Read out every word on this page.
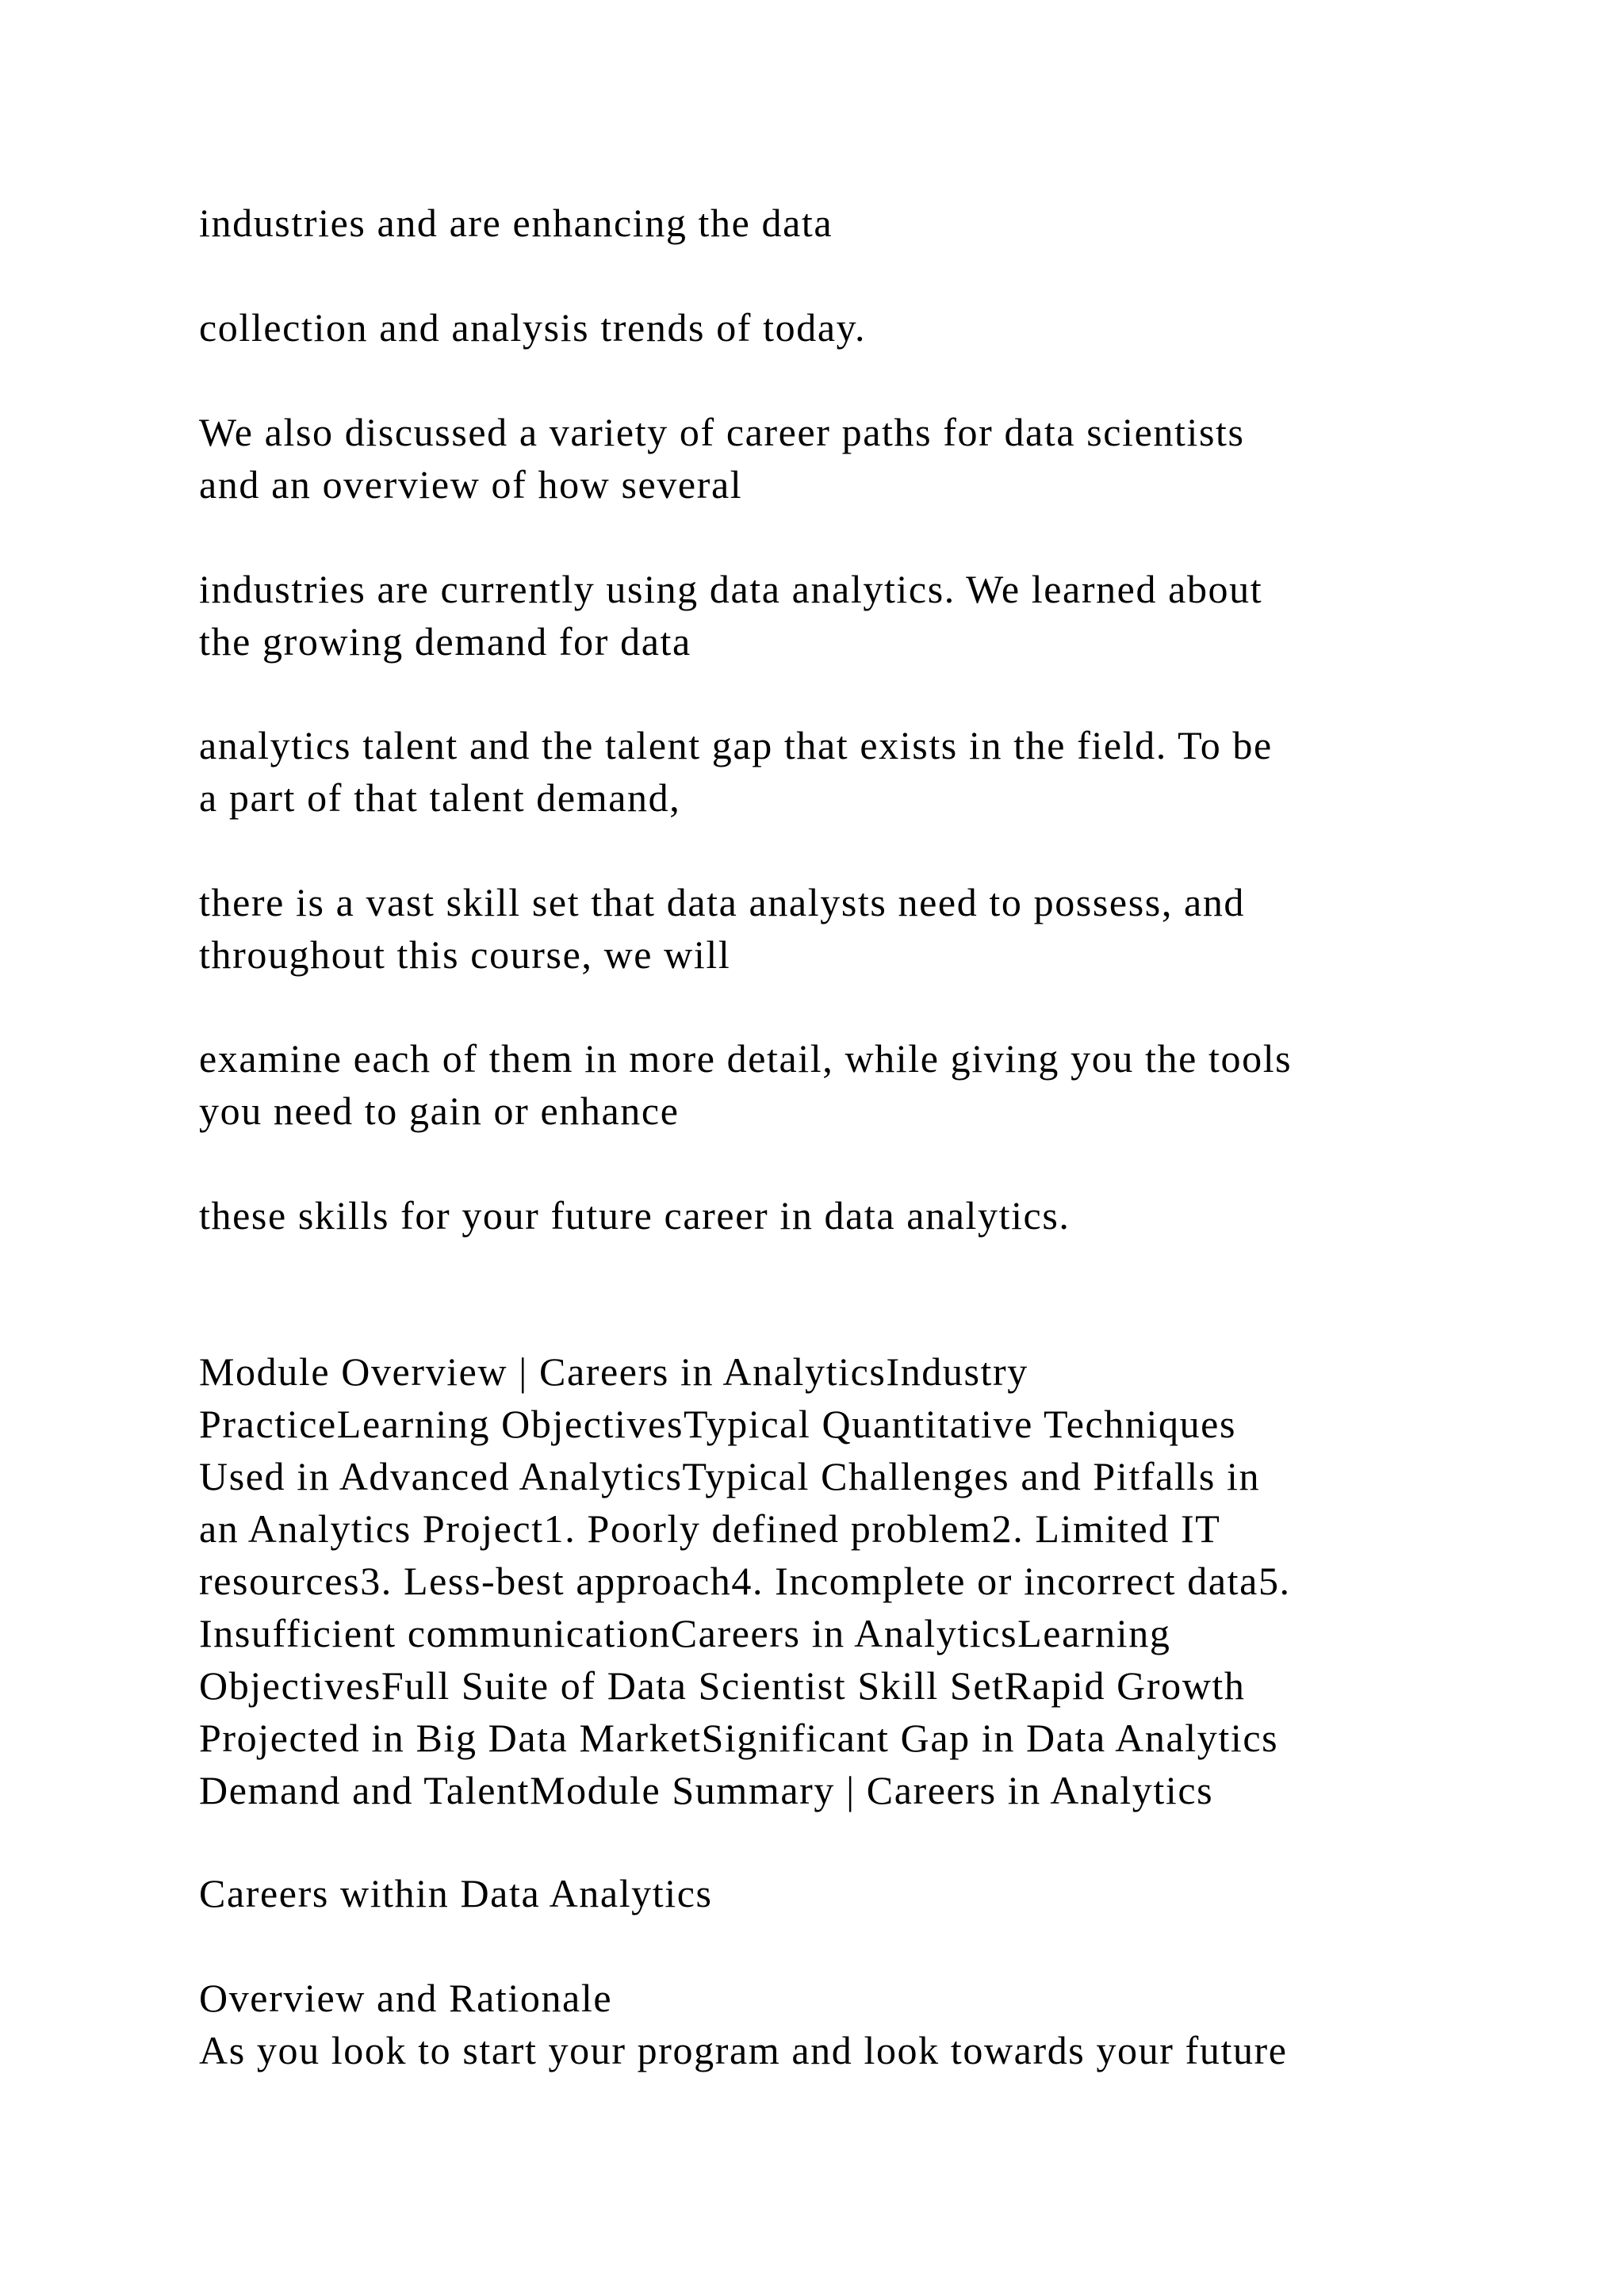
industries and are enhancing the data

collection and analysis trends of today.

We also discussed a variety of career paths for data scientists
and an overview of how several

industries are currently using data analytics. We learned about
the growing demand for data

analytics talent and the talent gap that exists in the field. To be
a part of that talent demand,

there is a vast skill set that data analysts need to possess, and
throughout this course, we will

examine each of them in more detail, while giving you the tools
you need to gain or enhance

these skills for your future career in data analytics.

Module Overview | Careers in AnalyticsIndustry
PracticeLearning ObjectivesTypical Quantitative Techniques
Used in Advanced AnalyticsTypical Challenges and Pitfalls in
an Analytics Project1. Poorly defined problem2. Limited IT
resources3. Less-best approach4. Incomplete or incorrect data5.
Insufficient communicationCareers in AnalyticsLearning
ObjectivesFull Suite of Data Scientist Skill SetRapid Growth
Projected in Big Data MarketSignificant Gap in Data Analytics
Demand and TalentModule Summary | Careers in Analytics

Careers within Data Analytics

Overview and Rationale
As you look to start your program and look towards your future
